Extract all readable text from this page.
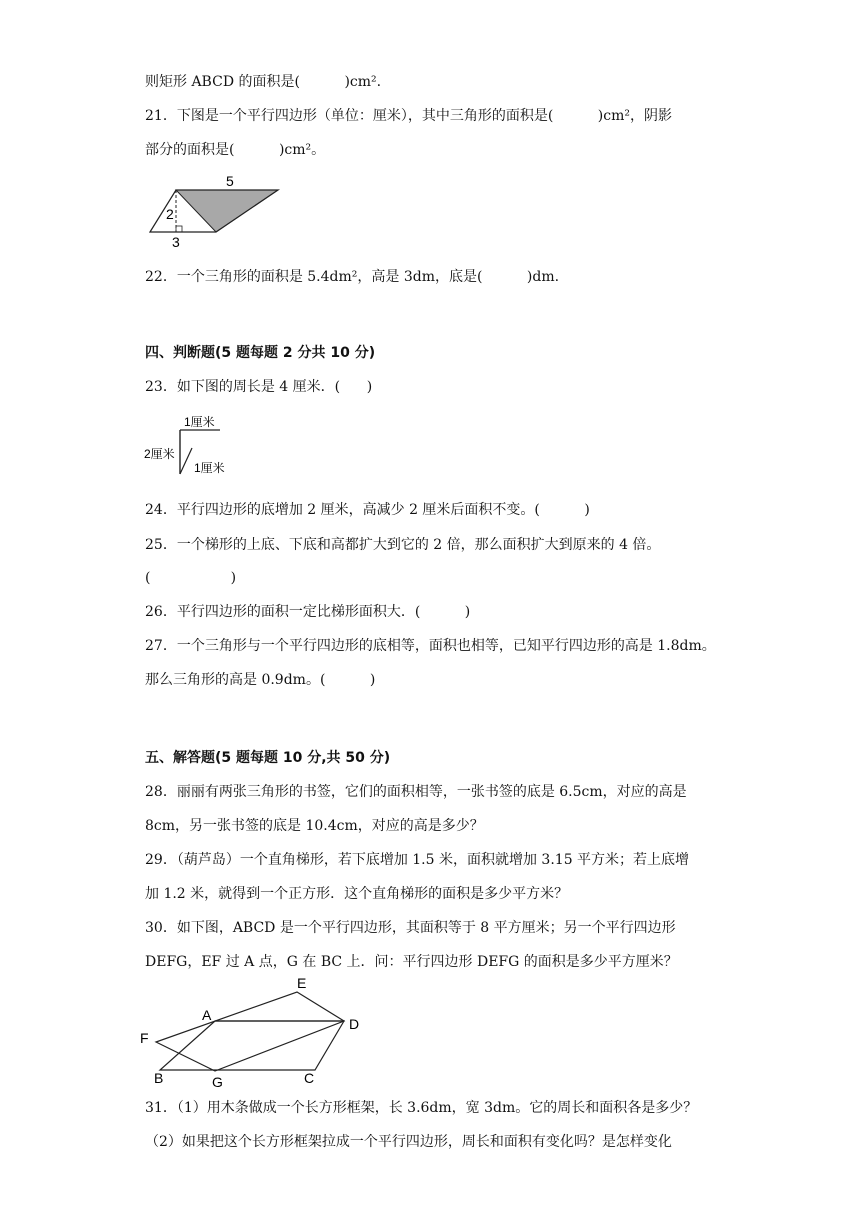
则矩形 ABCD 的面积是(          )cm².
21．下图是一个平行四边形（单位：厘米），其中三角形的面积是(          )cm²，阴影
部分的面积是(          )cm²。
5
2
3
22．一个三角形的面积是 5.4dm²，高是 3dm，底是(          )dm.
四、判断题(5 题每题 2 分共 10 分)
23．如下图的周长是 4 厘米．(      )
1厘米
2厘米
1厘米
24．平行四边形的底增加 2 厘米，高减少 2 厘米后面积不变。(          )
25．一个梯形的上底、下底和高都扩大到它的 2 倍，那么面积扩大到原来的 4 倍。
(                  )
26．平行四边形的面积一定比梯形面积大．(          )
27．一个三角形与一个平行四边形的底相等，面积也相等，已知平行四边形的高是 1.8dm。
那么三角形的高是 0.9dm。(          )
五、解答题(5 题每题 10 分,共 50 分)
28．丽丽有两张三角形的书签，它们的面积相等，一张书签的底是 6.5cm，对应的高是
8cm，另一张书签的底是 10.4cm，对应的高是多少？
29．（葫芦岛）一个直角梯形，若下底增加 1.5 米，面积就增加 3.15 平方米；若上底增
加 1.2 米，就得到一个正方形．这个直角梯形的面积是多少平方米？
30．如下图，ABCD 是一个平行四边形，其面积等于 8 平方厘米；另一个平行四边形
DEFG，EF 过 A 点，G 在 BC 上．问：平行四边形 DEFG 的面积是多少平方厘米？
A
B	C
D
E
F
G
31．（1）用木条做成一个长方形框架，长 3.6dm，宽 3dm。它的周长和面积各是多少？
（2）如果把这个长方形框架拉成一个平行四边形，周长和面积有变化吗？是怎样变化
